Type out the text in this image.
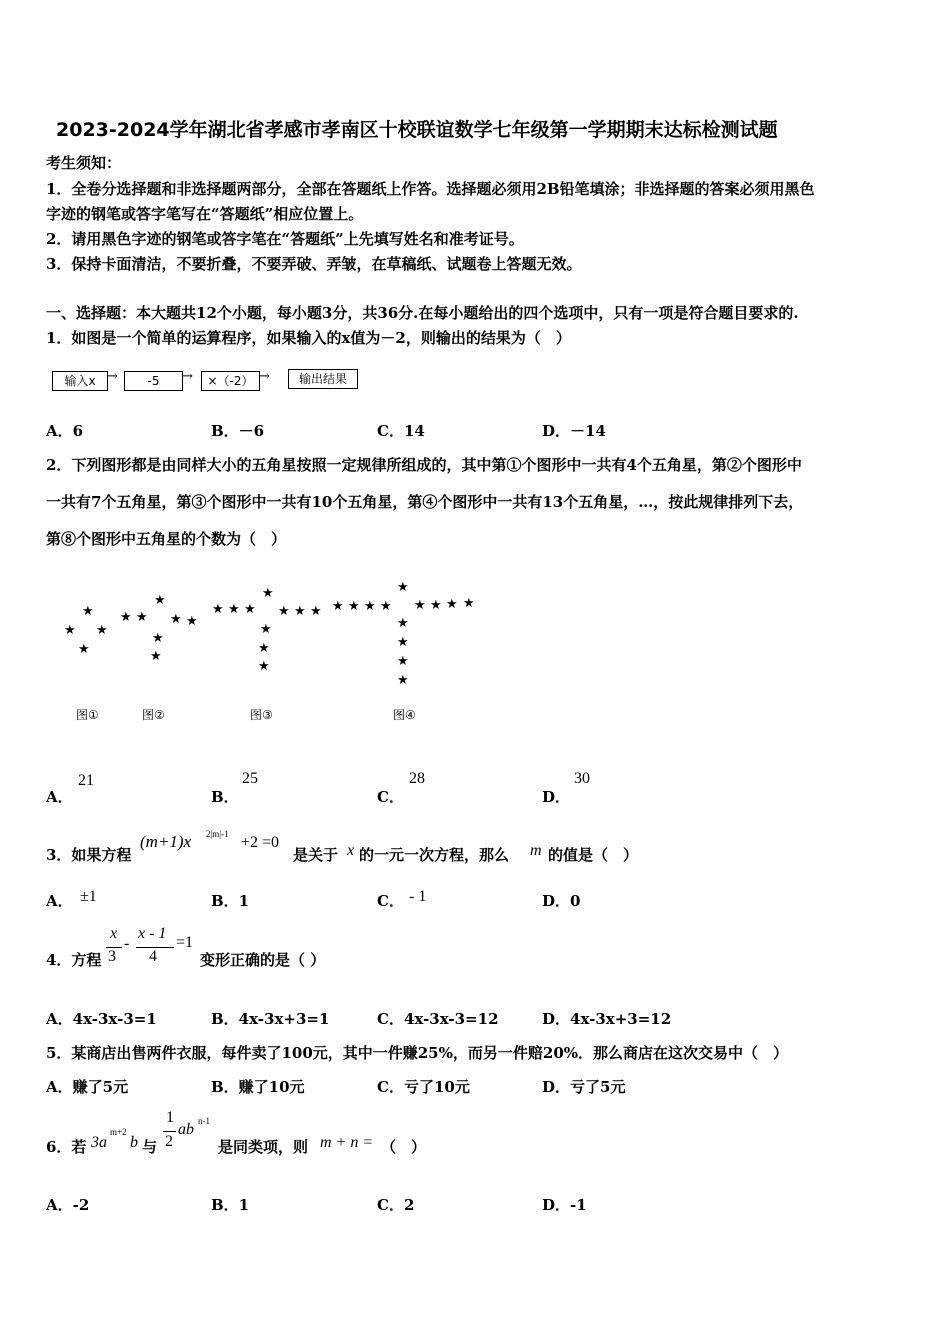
2023-2024学年湖北省孝感市孝南区十校联谊数学七年级第一学期期末达标检测试题
考生须知：
1．全卷分选择题和非选择题两部分，全部在答题纸上作答。选择题必须用2B铅笔填涂；非选择题的答案必须用黑色
字迹的钢笔或答字笔写在“答题纸”相应位置上。
2．请用黑色字迹的钢笔或答字笔在“答题纸”上先填写姓名和准考证号。
3．保持卡面清洁，不要折叠，不要弄破、弄皱，在草稿纸、试题卷上答题无效。
一、选择题：本大题共12个小题，每小题3分，共36分.在每小题给出的四个选项中，只有一项是符合题目要求的.
1．如图是一个简单的运算程序，如果输入的x值为－2，则输出的结果为（　）
输入x →	-5	→	×（-2） →	输出结果
A．6	B．－6	C．14	D．－14
2．下列图形都是由同样大小的五角星按照一定规律所组成的，其中第①个图形中一共有4个五角星，第②个图形中
一共有7个五角星，第③个图形中一共有10个五角星，第④个图形中一共有13个五角星，…，按此规律排列下去，
第⑧个图形中五角星的个数为（　）
★
★ ★
★
★
★ ★ ★ ★
★
★
★
★ ★ ★ ★ ★ ★
★
★
★
★
★ ★ ★ ★ ★ ★ ★ ★
★
★
★
★
图①	图②	图③	图④
A．
21
B．
25
C．
28
D．
30
3．如果方程
(m+1)x 2|m|-1 +2 =0
是关于 x 的一元一次方程，那么 m 的值是（　）
A． ±1	B．1	C． - 1	D．0
4．方程
x
3
-
x - 1
4
=1
变形正确的是（ ）
A．4x-3x-3=1	B．4x-3x+3=1	C．4x-3x-3=12	D．4x-3x+3=12
5．某商店出售两件衣服，每件卖了100元，其中一件赚25%，而另一件赔20%．那么商店在这次交易中（　）
A．赚了5元	B．赚了10元	C．亏了10元	D．亏了5元
6．若 3a
m+2
b 与
1
2
ab n-1
是同类项，则 m + n = （　）
A．-2	B．1	C．2	D．-1
